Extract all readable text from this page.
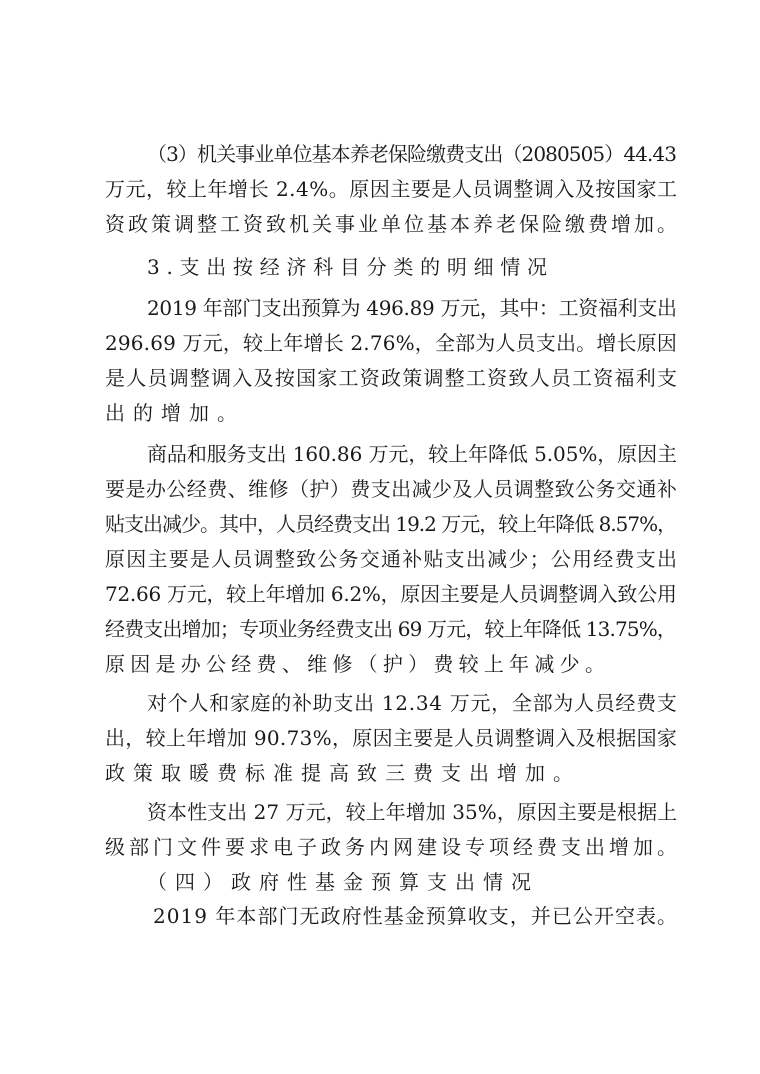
（3）机关事业单位基本养老保险缴费支出（2080505）44.43

万元，较上年增长 2.4%。原因主要是人员调整调入及按国家工

资政策调整工资致机关事业单位基本养老保险缴费增加。

3.支出按经济科目分类的明细情况

2019 年部门支出预算为 496.89 万元，其中：工资福利支出

296.69 万元，较上年增长 2.76%，全部为人员支出。增长原因

是人员调整调入及按国家工资政策调整工资致人员工资福利支

出的增加。

商品和服务支出 160.86 万元，较上年降低 5.05%，原因主

要是办公经费、维修（护）费支出减少及人员调整致公务交通补

贴支出减少。其中，人员经费支出 19.2 万元，较上年降低 8.57%，

原因主要是人员调整致公务交通补贴支出减少；公用经费支出

72.66 万元，较上年增加 6.2%，原因主要是人员调整调入致公用

经费支出增加；专项业务经费支出 69 万元，较上年降低 13.75%，

原因是办公经费、维修（护）费较上年减少。

对个人和家庭的补助支出 12.34 万元，全部为人员经费支

出，较上年增加 90.73%，原因主要是人员调整调入及根据国家

政策取暖费标准提高致三费支出增加。

资本性支出 27 万元，较上年增加 35%，原因主要是根据上

级部门文件要求电子政务内网建设专项经费支出增加。

（四）政府性基金预算支出情况

2019 年本部门无政府性基金预算收支，并已公开空表。
